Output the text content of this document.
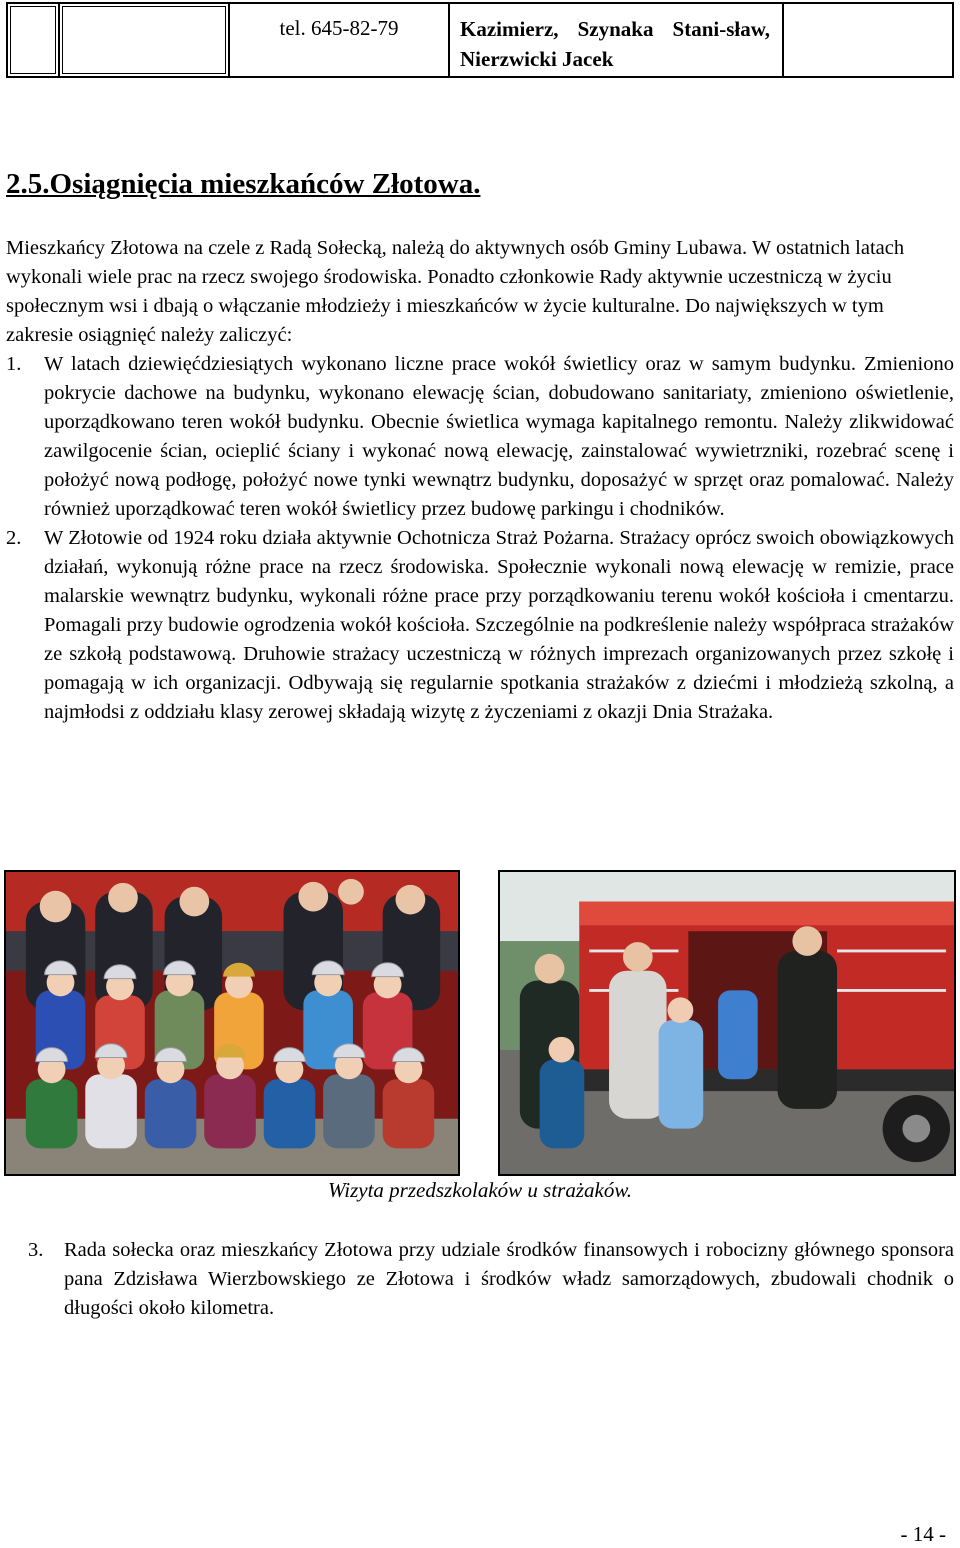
tel. 645-82-79	Kazimierz, Szynaka Stani-sław, Nierzwicki Jacek
2.5.Osiągnięcia mieszkańców Złotowa.

Mieszkańcy Złotowa na czele z Radą Sołecką, należą do aktywnych osób Gminy Lubawa. W ostatnich latach wykonali wiele prac na rzecz swojego środowiska. Ponadto członkowie Rady aktywnie uczestniczą w życiu społecznym wsi i dbają o włączanie młodzieży i mieszkańców w życie kulturalne. Do największych w tym zakresie osiągnięć należy zaliczyć:

1.	W latach dziewięćdziesiątych wykonano liczne prace wokół świetlicy oraz w samym budynku. Zmieniono pokrycie dachowe na budynku, wykonano elewację ścian, dobudowano sanitariaty, zmieniono oświetlenie, uporządkowano teren wokół budynku. Obecnie świetlica wymaga kapitalnego remontu. Należy zlikwidować zawilgocenie ścian, ocieplić ściany i wykonać nową elewację, zainstalować wywietrzniki, rozebrać scenę i położyć nową podłogę, położyć nowe tynki wewnątrz budynku, doposażyć w sprzęt oraz pomalować. Należy również uporządkować teren wokół świetlicy przez budowę parkingu i chodników.
2.	W Złotowie od 1924 roku działa aktywnie Ochotnicza Straż Pożarna. Strażacy oprócz swoich obowiązkowych działań, wykonują różne prace na rzecz środowiska. Społecznie wykonali nową elewację w remizie, prace malarskie wewnątrz budynku, wykonali różne prace przy porządkowaniu terenu wokół kościoła i cmentarzu. Pomagali przy budowie ogrodzenia wokół kościoła. Szczególnie na podkreślenie należy współpraca strażaków ze szkołą podstawową. Druhowie strażacy uczestniczą w różnych imprezach organizowanych przez szkołę i pomagają w ich organizacji. Odbywają się regularnie spotkania strażaków z dziećmi i młodzieżą szkolną, a najmłodsi z oddziału klasy zerowej składają wizytę z życzeniami z okazji Dnia Strażaka.
Wizyta przedszkolaków u strażaków.
3.	Rada sołecka oraz mieszkańcy Złotowa przy udziale środków finansowych i robocizny głównego sponsora pana Zdzisława Wierzbowskiego ze Złotowa i środków władz samorządowych, zbudowali chodnik o długości około kilometra.
- 14 -
